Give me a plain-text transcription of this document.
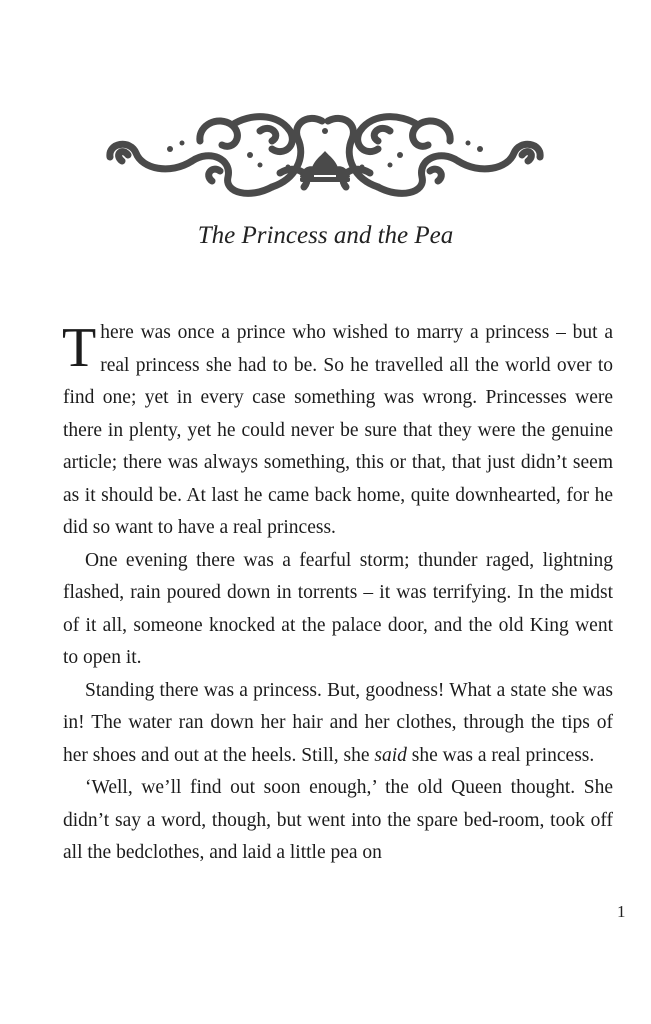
The Princess and the Pea

There was once a prince who wished to marry a princess – but a real princess she had to be. So he travelled all the world over to find one; yet in every case something was wrong. Princesses were there in plenty, yet he could never be sure that they were the genuine article; there was always something, this or that, that just didn’t seem as it should be. At last he came back home, quite downhearted, for he did so want to have a real princess.

One evening there was a fearful storm; thunder raged, lightning flashed, rain poured down in torrents – it was terrifying. In the midst of it all, someone knocked at the palace door, and the old King went to open it.

Standing there was a princess. But, goodness! What a state she was in! The water ran down her hair and her clothes, through the tips of her shoes and out at the heels. Still, she said she was a real princess.

‘Well, we’ll find out soon enough,’ the old Queen thought. She didn’t say a word, though, but went into the spare bed-room, took off all the bedclothes, and laid a little pea on

1
